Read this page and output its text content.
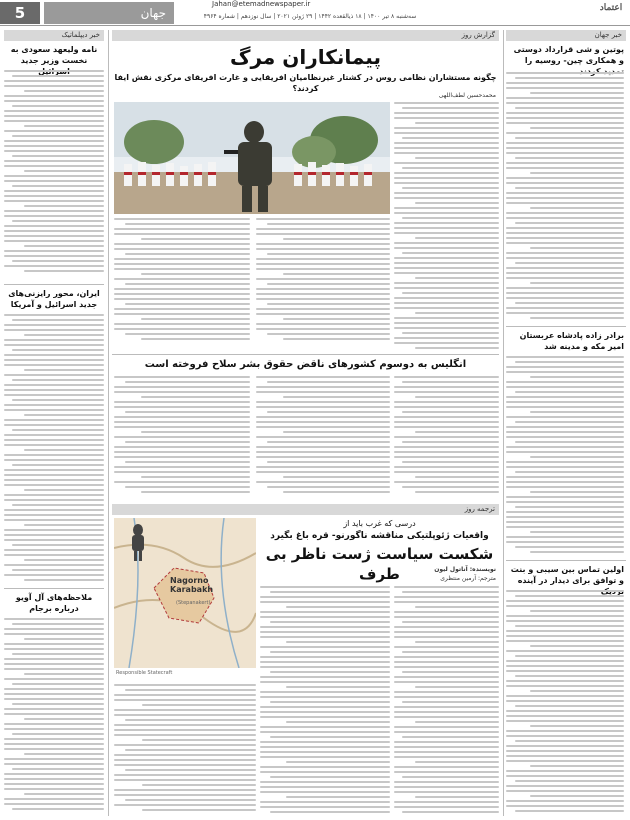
5	جهان
Jahan@etemadnewspaper.ir
سه‌شنبه ۸ تیر ۱۴۰۰ | ۱۸ ذیالقعده ۱۴۴۲ | ۲۹ ژوئن ۲۰۲۱ | سال نوزدهم | شماره ۴۹۶۴
اعتماد
خبر جهان
پوتین و شی قرارداد دوستی و همکاری چین- روسیه را
برادر زاده پادشاه عربستان امیر مکه و مدینه شد
اولین تماس بین سیبی و بنت و توافق برای دیدار در آینده
خبر دیپلماتیک
نامه ولیعهد سعودی به نخست وزیر جدید
ایران، محور رایزنی‌های جدید اسرائیل و آمریکا
ملاحظه‌های آل آویو درباره برجام
گزارش روز
پیمانکاران مرگ
چگونه مستشاران نظامی روس در کشتار غیرنظامیان افریقایی و غارت افریقای مرکزی نقش ایفا کردند؟
محمدحسین لطف‌اللهی
انگلیس به دوسوم کشورهای ناقض حقوق بشر سلاح فروخته است
ترجمه روز
درسی که غرب باید از
واقعیات ژئوپلتیکی مناقشه ناگورنو- قره باغ بگیرد
شکست سیاست ژست ناظر بی طرف
Nagorno Karabakh
(Stepanakert)
Responsible Statecraft
نویسنده: آناتول لیون
مترجم: آرمین منتظری
